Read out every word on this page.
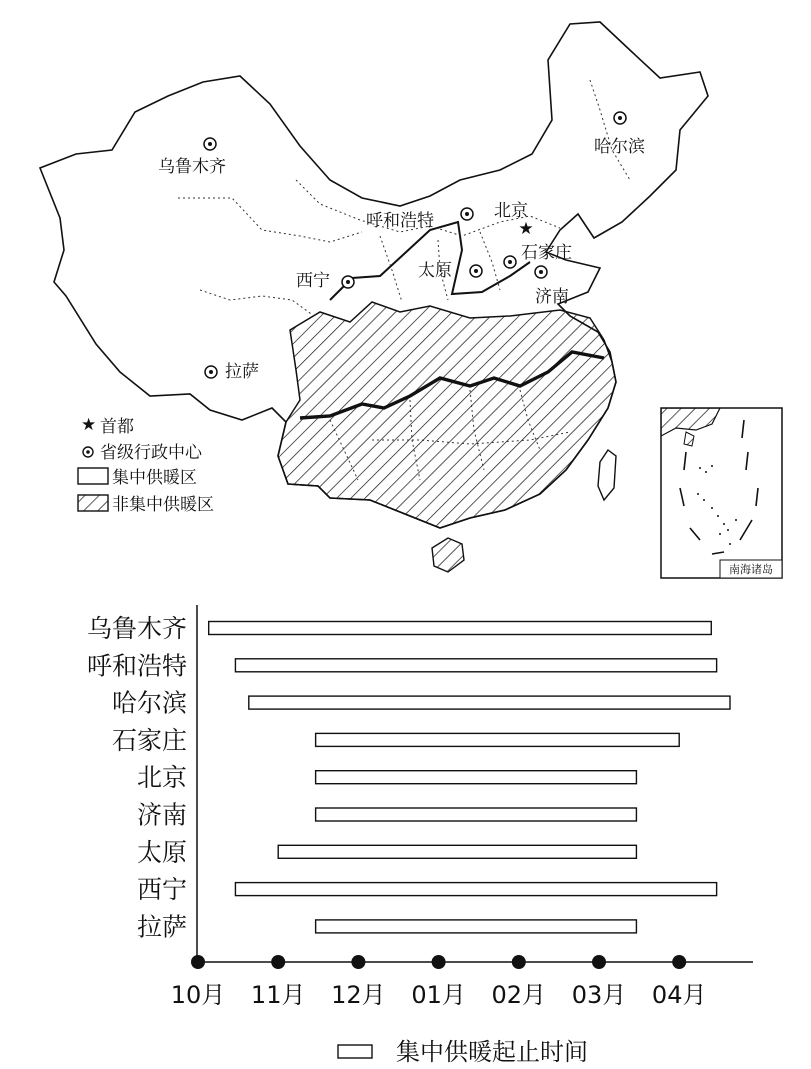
★
乌鲁木齐
哈尔滨
呼和浩特	北京
石家庄
太原
西宁
济南
拉萨
★ 首都
省级行政中心
集中供暖区
非集中供暖区
南海诸岛
乌鲁木齐
呼和浩特
哈尔滨
石家庄
北京
济南
太原
西宁
拉萨
10月 11月 12月 01月 02月 03月 04月
集中供暖起止时间
